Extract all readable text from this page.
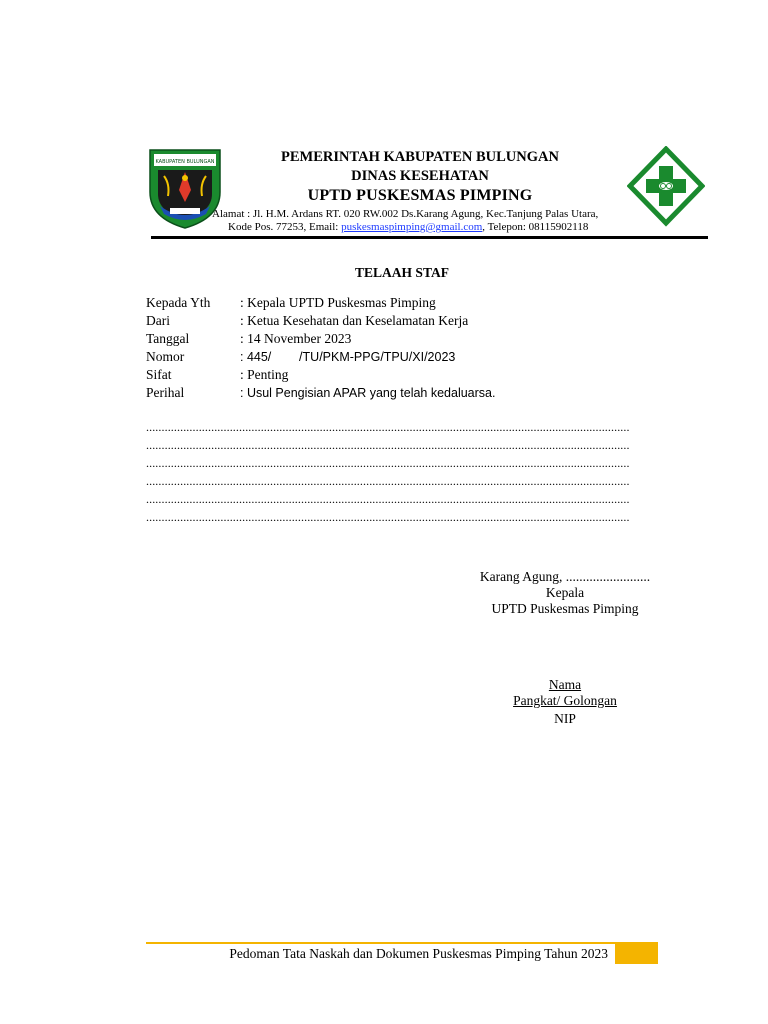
KABUPATEN BULUNGAN	PEMERINTAH KABUPATEN BULUNGAN
DINAS KESEHATAN
UPTD PUSKESMAS PIMPING
Alamat : Jl. H.M. Ardans RT. 020 RW.002 Ds.Karang Agung, Kec.Tanjung Palas Utara,
Kode Pos. 77253, Email: puskesmaspimping@gmail.com, Telepon: 08115902118
TELAAH STAF
Kepada Yth : Kepala UPTD Puskesmas Pimping
Dari	: Ketua Kesehatan dan Keselamatan Kerja
Tanggal	: 14 November 2023
Nomor	: 445/        /TU/PKM-PPG/TPU/XI/2023
Sifat	: Penting
Perihal	: Usul Pengisian APAR yang telah kedaluarsa.
............................................................................................................................................................
............................................................................................................................................................
............................................................................................................................................................
............................................................................................................................................................
............................................................................................................................................................
............................................................................................................................................................
Karang Agung, .........................
Kepala
UPTD Puskesmas Pimping
Nama
Pangkat/ Golongan
NIP
Pedoman Tata Naskah dan Dokumen Puskesmas Pimping Tahun 2023
